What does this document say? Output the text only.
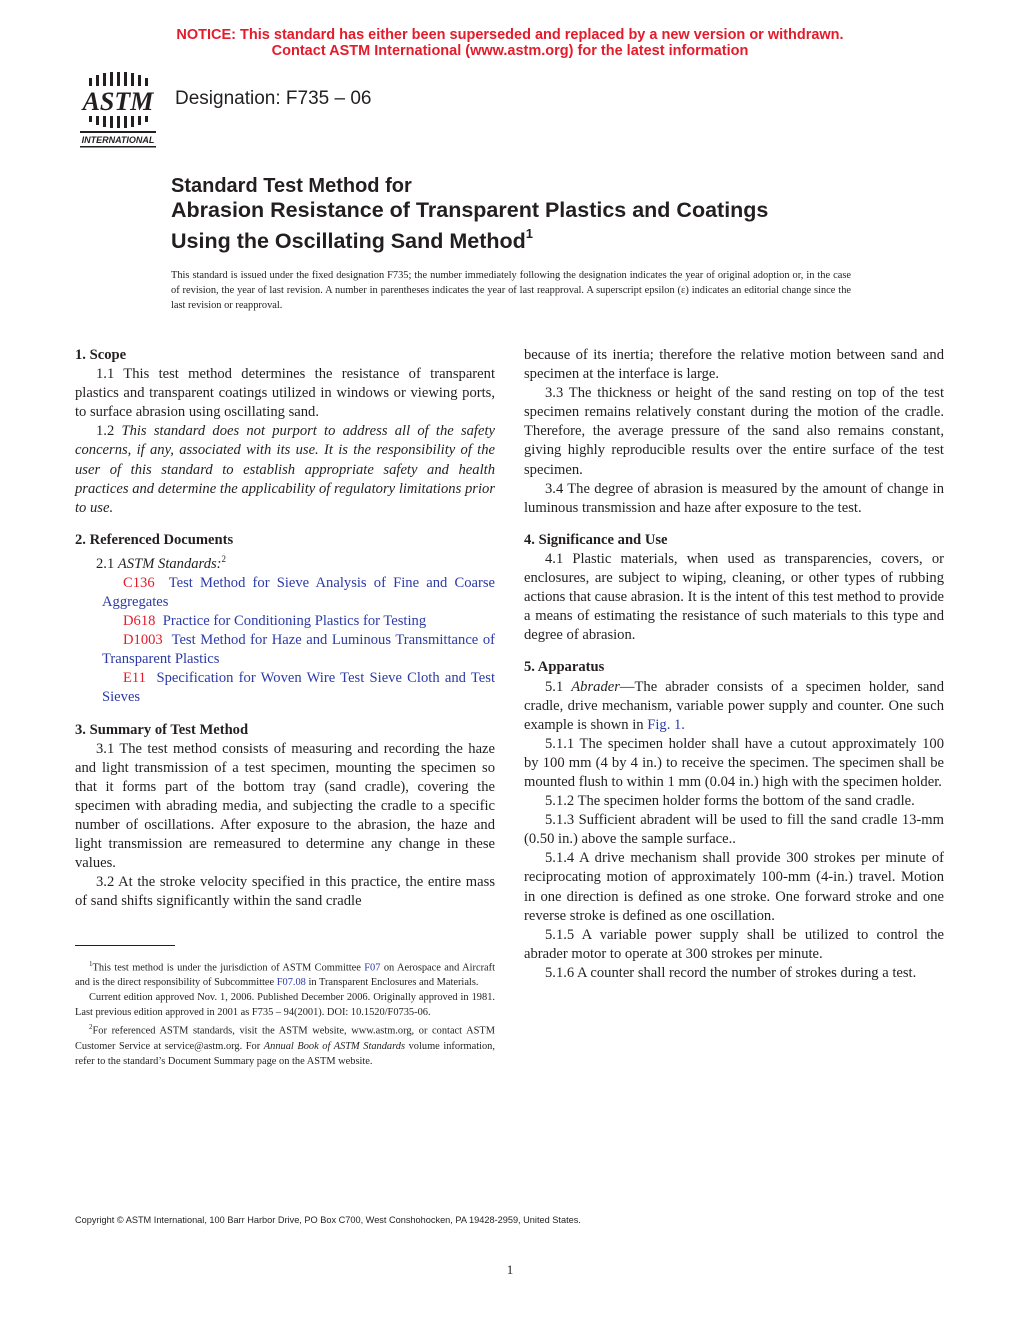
NOTICE: This standard has either been superseded and replaced by a new version or withdrawn.
Contact ASTM International (www.astm.org) for the latest information
ASTM
INTERNATIONAL
Designation: F735 – 06
Standard Test Method for
Abrasion Resistance of Transparent Plastics and Coatings
Using the Oscillating Sand Method$^1$
This standard is issued under the fixed designation F735; the number immediately following the designation indicates the year of original adoption or, in the case of revision, the year of last revision. A number in parentheses indicates the year of last reapproval. A superscript epsilon (ε) indicates an editorial change since the last revision or reapproval.
1. Scope

1.1 This test method determines the resistance of transparent plastics and transparent coatings utilized in windows or viewing ports, to surface abrasion using oscillating sand.

1.2 This standard does not purport to address all of the safety concerns, if any, associated with its use. It is the responsibility of the user of this standard to establish appropriate safety and health practices and determine the applicability of regulatory limitations prior to use.

2. Referenced Documents

2.1 ASTM Standards:$^2$

C136 Test Method for Sieve Analysis of Fine and Coarse Aggregates

D618 Practice for Conditioning Plastics for Testing

D1003 Test Method for Haze and Luminous Transmittance of Transparent Plastics

E11 Specification for Woven Wire Test Sieve Cloth and Test Sieves

3. Summary of Test Method

3.1 The test method consists of measuring and recording the haze and light transmission of a test specimen, mounting the specimen so that it forms part of the bottom tray (sand cradle), covering the specimen with abrading media, and subjecting the cradle to a specific number of oscillations. After exposure to the abrasion, the haze and light transmission are remeasured to determine any change in these values.

3.2 At the stroke velocity specified in this practice, the entire mass of sand shifts significantly within the sand cradle

because of its inertia; therefore the relative motion between sand and specimen at the interface is large.

3.3 The thickness or height of the sand resting on top of the test specimen remains relatively constant during the motion of the cradle. Therefore, the average pressure of the sand also remains constant, giving highly reproducible results over the entire surface of the test specimen.

3.4 The degree of abrasion is measured by the amount of change in luminous transmission and haze after exposure to the test.

4. Significance and Use

4.1 Plastic materials, when used as transparencies, covers, or enclosures, are subject to wiping, cleaning, or other types of rubbing actions that cause abrasion. It is the intent of this test method to provide a means of estimating the resistance of such materials to this type and degree of abrasion.

5. Apparatus

5.1 Abrader—The abrader consists of a specimen holder, sand cradle, drive mechanism, variable power supply and counter. One such example is shown in Fig. 1.

5.1.1 The specimen holder shall have a cutout approximately 100 by 100 mm (4 by 4 in.) to receive the specimen. The specimen shall be mounted flush to within 1 mm (0.04 in.) high with the specimen holder.

5.1.2 The specimen holder forms the bottom of the sand cradle.

5.1.3 Sufficient abradent will be used to fill the sand cradle 13-mm (0.50 in.) above the sample surface..

5.1.4 A drive mechanism shall provide 300 strokes per minute of reciprocating motion of approximately 100-mm (4-in.) travel. Motion in one direction is defined as one stroke. One forward stroke and one reverse stroke is defined as one oscillation.

5.1.5 A variable power supply shall be utilized to control the abrader motor to operate at 300 strokes per minute.

5.1.6 A counter shall record the number of strokes during a test.

$^1$This test method is under the jurisdiction of ASTM Committee F07 on Aerospace and Aircraft and is the direct responsibility of Subcommittee F07.08 in Transparent Enclosures and Materials.

Current edition approved Nov. 1, 2006. Published December 2006. Originally approved in 1981. Last previous edition approved in 2001 as F735 – 94(2001). DOI: 10.1520/F0735-06.

$^2$For referenced ASTM standards, visit the ASTM website, www.astm.org, or contact ASTM Customer Service at service@astm.org. For Annual Book of ASTM Standards volume information, refer to the standard’s Document Summary page on the ASTM website.

Copyright © ASTM International, 100 Barr Harbor Drive, PO Box C700, West Conshohocken, PA 19428-2959, United States.
1
